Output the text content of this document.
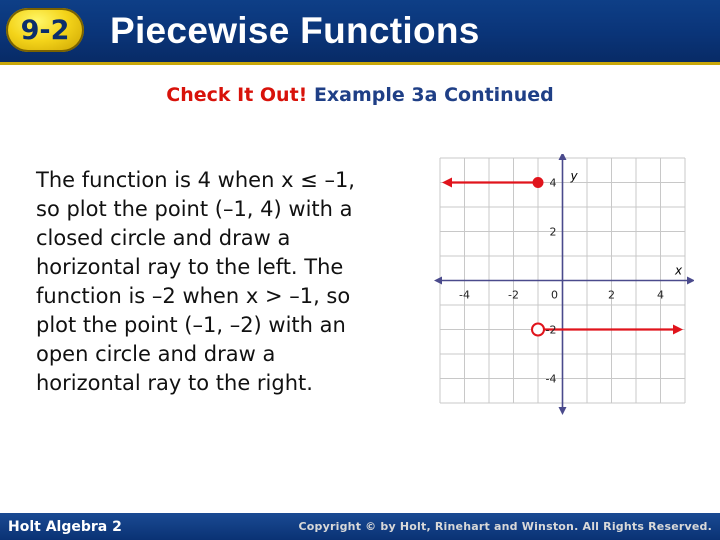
9-2	Piecewise Functions
Check It Out! Example 3a Continued

The function is 4 when x ≤ –1,
so plot the point (–1, 4) with a
closed circle and draw a
horizontal ray to the left. The
function is –2 when x > –1, so
plot the point (–1, –2) with an
open circle and draw a
horizontal ray to the right.

-4	-2	0	2	4
4
2
-2
-4
x
y
Holt Algebra 2	Copyright © by Holt, Rinehart and Winston. All Rights Reserved.
